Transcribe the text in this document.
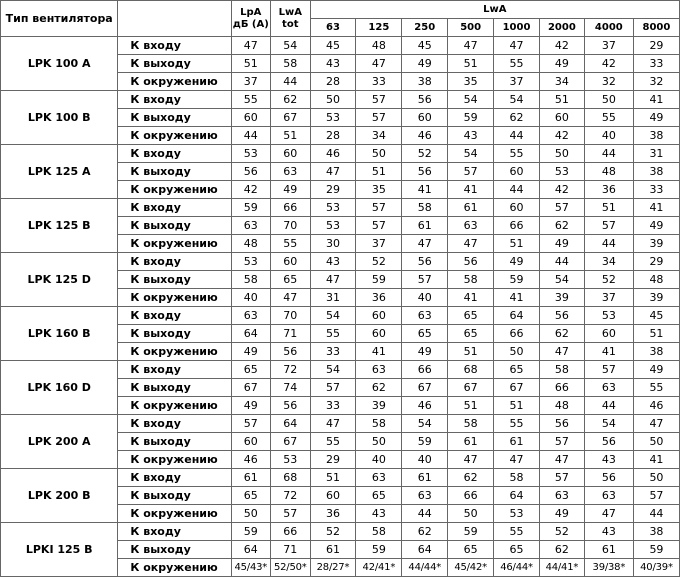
Тип вентилятора		LpA дБ (A)	LwA tot	LwA							
				63	125	250	500	1000	2000	4000	8000
LPK 100 A	К входу	47	54	45	48	45	47	47	42	37	29
	К выходу	51	58	43	47	49	51	55	49	42	33
	К окружению	37	44	28	33	38	35	37	34	32	32
LPK 100 B	К входу	55	62	50	57	56	54	54	51	50	41
	К выходу	60	67	53	57	60	59	62	60	55	49
	К окружению	44	51	28	34	46	43	44	42	40	38
LPK 125 A	К входу	53	60	46	50	52	54	55	50	44	31
	К выходу	56	63	47	51	56	57	60	53	48	38
	К окружению	42	49	29	35	41	41	44	42	36	33
LPK 125 B	К входу	59	66	53	57	58	61	60	57	51	41
	К выходу	63	70	53	57	61	63	66	62	57	49
	К окружению	48	55	30	37	47	47	51	49	44	39
LPK 125 D	К входу	53	60	43	52	56	56	49	44	34	29
	К выходу	58	65	47	59	57	58	59	54	52	48
	К окружению	40	47	31	36	40	41	41	39	37	39
LPK 160 B	К входу	63	70	54	60	63	65	64	56	53	45
	К выходу	64	71	55	60	65	65	66	62	60	51
	К окружению	49	56	33	41	49	51	50	47	41	38
LPK 160 D	К входу	65	72	54	63	66	68	65	58	57	49
	К выходу	67	74	57	62	67	67	67	66	63	55
	К окружению	49	56	33	39	46	51	51	48	44	46
LPK 200 A	К входу	57	64	47	58	54	58	55	56	54	47
	К выходу	60	67	55	50	59	61	61	57	56	50
	К окружению	46	53	29	40	40	47	47	47	43	41
LPK 200 B	К входу	61	68	51	63	61	62	58	57	56	50
	К выходу	65	72	60	65	63	66	64	63	63	57
	К окружению	50	57	36	43	44	50	53	49	47	44
LPKI 125 B	К входу	59	66	52	58	62	59	55	52	43	38
	К выходу	64	71	61	59	64	65	65	62	61	59
	К окружению	45/43*	52/50*	28/27*	42/41*	44/44*	45/42*	46/44*	44/41*	39/38*	40/39*
